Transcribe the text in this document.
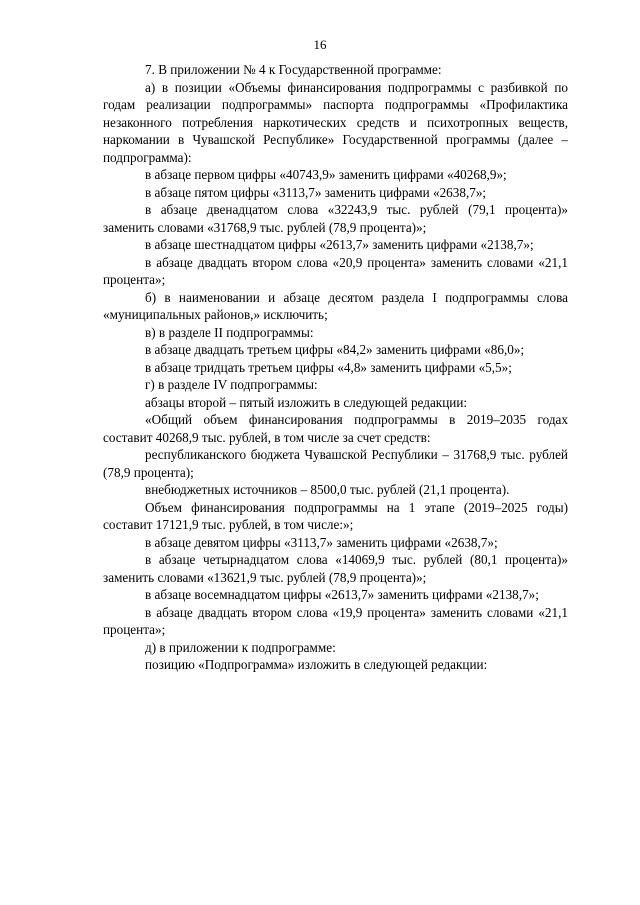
16

7. В приложении № 4 к Государственной программе:

а) в позиции «Объемы финансирования подпрограммы с разбивкой по годам реализации подпрограммы» паспорта подпрограммы «Профилактика незаконного потребления наркотических средств и психотропных веществ, наркомании в Чувашской Республике» Государственной программы (далее – подпрограмма):

в абзаце первом цифры «40743,9» заменить цифрами «40268,9»;

в абзаце пятом цифры «3113,7» заменить цифрами «2638,7»;

в абзаце двенадцатом слова «32243,9 тыс. рублей (79,1 процента)» заменить словами «31768,9 тыс. рублей (78,9 процента)»;

в абзаце шестнадцатом цифры «2613,7» заменить цифрами «2138,7»;

в абзаце двадцать втором слова «20,9 процента» заменить словами «21,1 процента»;

б) в наименовании и абзаце десятом раздела I подпрограммы слова «муниципальных районов,» исключить;

в) в разделе II подпрограммы:

в абзаце двадцать третьем цифры «84,2» заменить цифрами «86,0»;

в абзаце тридцать третьем цифры «4,8» заменить цифрами «5,5»;

г) в разделе IV подпрограммы:

абзацы второй – пятый изложить в следующей редакции:

«Общий объем финансирования подпрограммы в 2019–2035 годах составит 40268,9 тыс. рублей, в том числе за счет средств:

республиканского бюджета Чувашской Республики – 31768,9 тыс. рублей (78,9 процента);

внебюджетных источников – 8500,0 тыс. рублей (21,1 процента).

Объем финансирования подпрограммы на 1 этапе (2019–2025 годы) составит 17121,9 тыс. рублей, в том числе:»;

в абзаце девятом цифры «3113,7» заменить цифрами «2638,7»;

в абзаце четырнадцатом слова «14069,9 тыс. рублей (80,1 процента)» заменить словами «13621,9 тыс. рублей (78,9 процента)»;

в абзаце восемнадцатом цифры «2613,7» заменить цифрами «2138,7»;

в абзаце двадцать втором слова «19,9 процента» заменить словами «21,1 процента»;

д) в приложении к подпрограмме:

позицию «Подпрограмма» изложить в следующей редакции:
